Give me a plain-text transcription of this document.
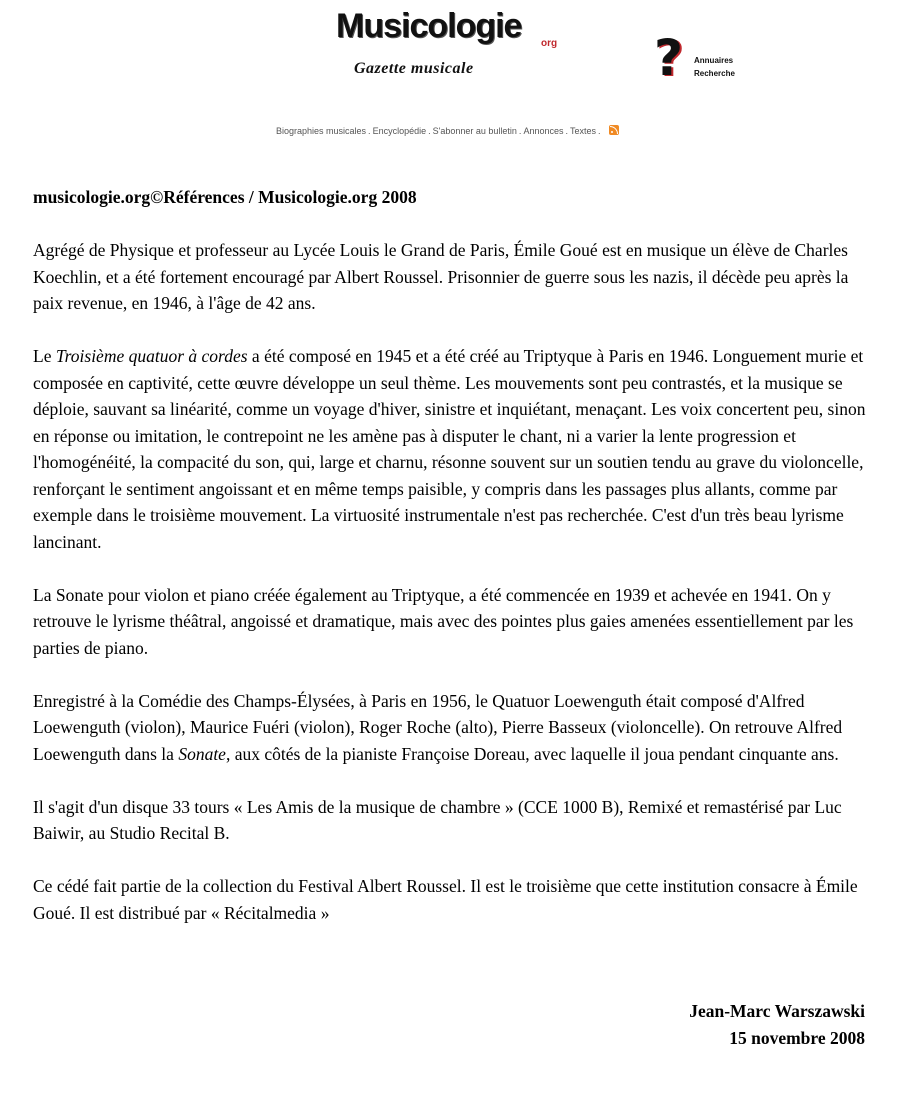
Musicologie org
Gazette musicale	? Annuaires
Recherche
Biographies musicales . Encyclopédie . S'abonner au bulletin . Annonces . Textes .

musicologie.org©Références / Musicologie.org 2008

Agrégé de Physique et professeur au Lycée Louis le Grand de Paris, Émile Goué est en musique un élève de Charles Koechlin, et a été fortement encouragé par Albert Roussel. Prisonnier de guerre sous les nazis, il décède peu après la paix revenue, en 1946, à l'âge de 42 ans.

Le Troisième quatuor à cordes a été composé en 1945 et a été créé au Triptyque à Paris en 1946. Longuement murie et composée en captivité, cette œuvre développe un seul thème. Les mouvements sont peu contrastés, et la musique se déploie, sauvant sa linéarité, comme un voyage d'hiver, sinistre et inquiétant, menaçant. Les voix concertent peu, sinon en réponse ou imitation, le contrepoint ne les amène pas à disputer le chant, ni a varier la lente progression et l'homogénéité, la compacité du son, qui, large et charnu, résonne souvent sur un soutien tendu au grave du violoncelle, renforçant le sentiment angoissant et en même temps paisible, y compris dans les passages plus allants, comme par exemple dans le troisième mouvement. La virtuosité instrumentale n'est pas recherchée. C'est d'un très beau lyrisme lancinant.

La Sonate pour violon et piano créée également au Triptyque, a été commencée en 1939 et achevée en 1941. On y retrouve le lyrisme théâtral, angoissé et dramatique, mais avec des pointes plus gaies amenées essentiellement par les parties de piano.

Enregistré à la Comédie des Champs-Élysées, à Paris en 1956, le Quatuor Loewenguth était composé d'Alfred Loewenguth (violon), Maurice Fuéri (violon), Roger Roche (alto), Pierre Basseux (violoncelle). On retrouve Alfred Loewenguth dans la Sonate, aux côtés de la pianiste Françoise Doreau, avec laquelle il joua pendant cinquante ans.

Il s'agit d'un disque 33 tours « Les Amis de la musique de chambre » (CCE 1000 B), Remixé et remastérisé par Luc Baiwir, au Studio Recital B.

Ce cédé fait partie de la collection du Festival Albert Roussel. Il est le troisième que cette institution consacre à Émile Goué. Il est distribué par « Récitalmedia »

Jean-Marc Warszawski
15 novembre 2008
